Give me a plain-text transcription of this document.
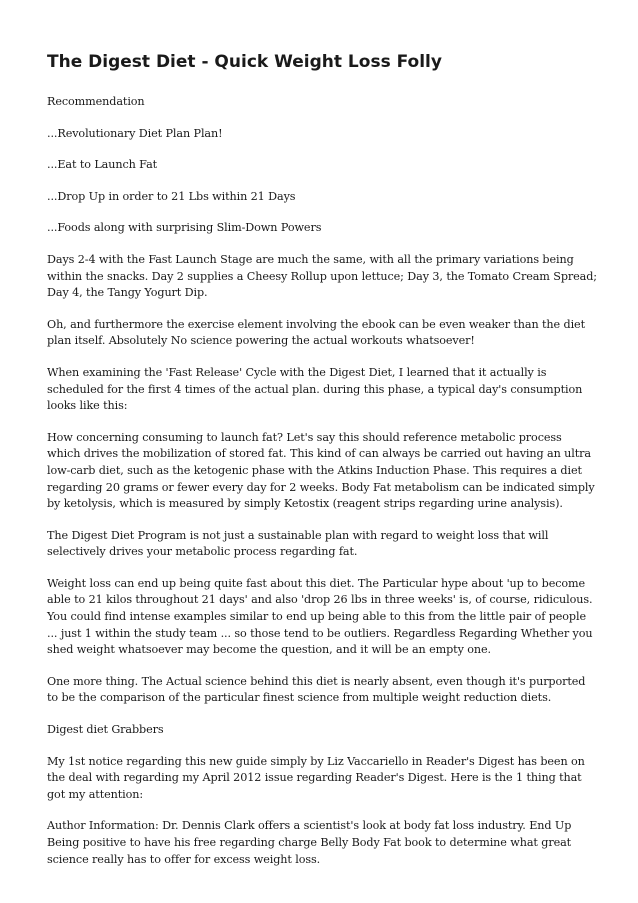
The Digest Diet - Quick Weight Loss Folly

Recommendation

...Revolutionary Diet Plan Plan!

...Eat to Launch Fat

...Drop Up in order to 21 Lbs within 21 Days

...Foods along with surprising Slim-Down Powers

Days 2-4 with the Fast Launch Stage are much the same, with all the primary variations being within the snacks. Day 2 supplies a Cheesy Rollup upon lettuce; Day 3, the Tomato Cream Spread; Day 4, the Tangy Yogurt Dip.

Oh, and furthermore the exercise element involving the ebook can be even weaker than the diet plan itself. Absolutely No science powering the actual workouts whatsoever!

When examining the 'Fast Release' Cycle with the Digest Diet, I learned that it actually is scheduled for the first 4 times of the actual plan. during this phase, a typical day's consumption looks like this:

How concerning consuming to launch fat? Let's say this should reference metabolic process which drives the mobilization of stored fat. This kind of can always be carried out having an ultra low-carb diet, such as the ketogenic phase with the Atkins Induction Phase. This requires a diet regarding 20 grams or fewer every day for 2 weeks. Body Fat metabolism can be indicated simply by ketolysis, which is measured by simply Ketostix (reagent strips regarding urine analysis).

The Digest Diet Program is not just a sustainable plan with regard to weight loss that will selectively drives your metabolic process regarding fat.

Weight loss can end up being quite fast about this diet. The Particular hype about 'up to become able to 21 kilos throughout 21 days' and also 'drop 26 lbs in three weeks' is, of course, ridiculous. You could find intense examples similar to end up being able to this from the little pair of people ... just 1 within the study team ... so those tend to be outliers. Regardless Regarding Whether you shed weight whatsoever may become the question, and it will be an empty one.

One more thing. The Actual science behind this diet is nearly absent, even though it's purported to be the comparison of the particular finest science from multiple weight reduction diets.

Digest diet Grabbers

My 1st notice regarding this new guide simply by Liz Vaccariello in Reader's Digest has been on the deal with regarding my April 2012 issue regarding Reader's Digest. Here is the 1 thing that got my attention:

Author Information: Dr. Dennis Clark offers a scientist's look at body fat loss industry. End Up Being positive to have his free regarding charge Belly Body Fat book to determine what great science really has to offer for excess weight loss.
